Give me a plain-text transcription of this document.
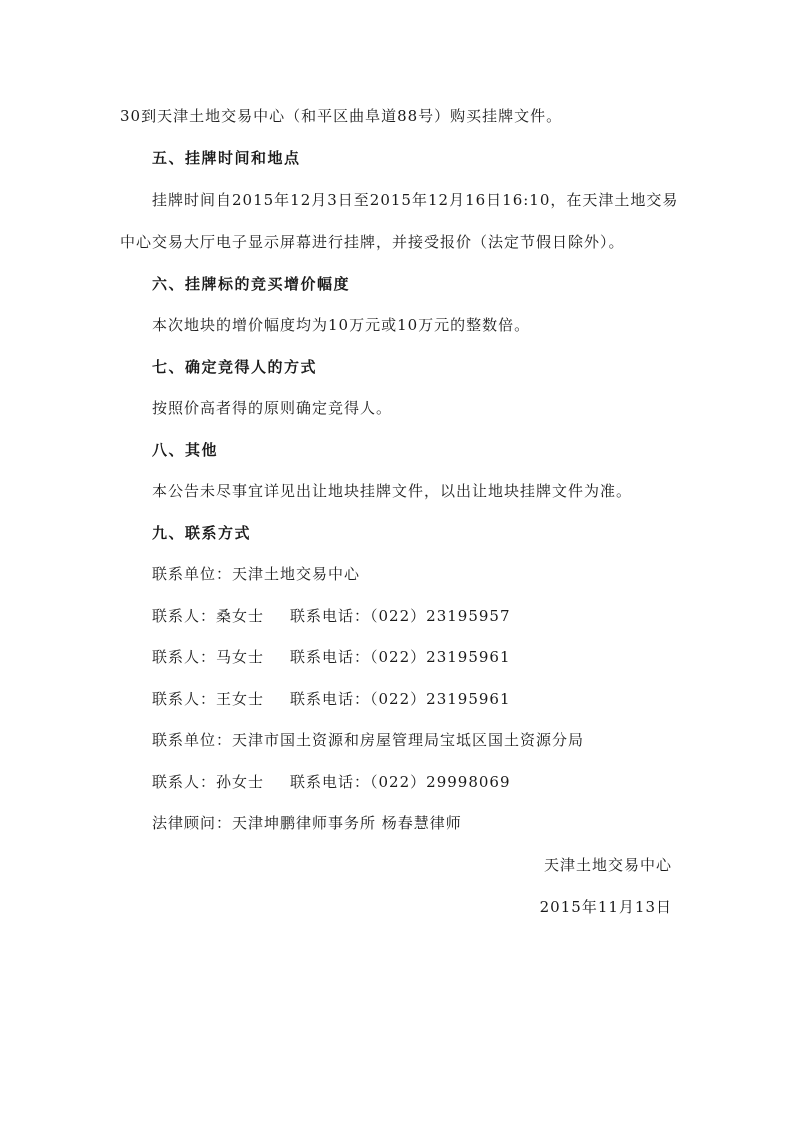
30到天津土地交易中心（和平区曲阜道88号）购买挂牌文件。
五、挂牌时间和地点
挂牌时间自2015年12月3日至2015年12月16日16:10，在天津土地交易
中心交易大厅电子显示屏幕进行挂牌，并接受报价（法定节假日除外）。
六、挂牌标的竞买增价幅度
本次地块的增价幅度均为10万元或10万元的整数倍。
七、确定竞得人的方式
按照价高者得的原则确定竞得人。
八、其他
本公告未尽事宜详见出让地块挂牌文件，以出让地块挂牌文件为准。
九、联系方式
联系单位：天津土地交易中心
联系人：桑女士 联系电话：（022）23195957
联系人：马女士 联系电话：（022）23195961
联系人：王女士 联系电话：（022）23195961
联系单位：天津市国土资源和房屋管理局宝坻区国土资源分局
联系人：孙女士 联系电话：（022）29998069
法律顾问：天津坤鹏律师事务所 杨春慧律师
天津土地交易中心
2015年11月13日
